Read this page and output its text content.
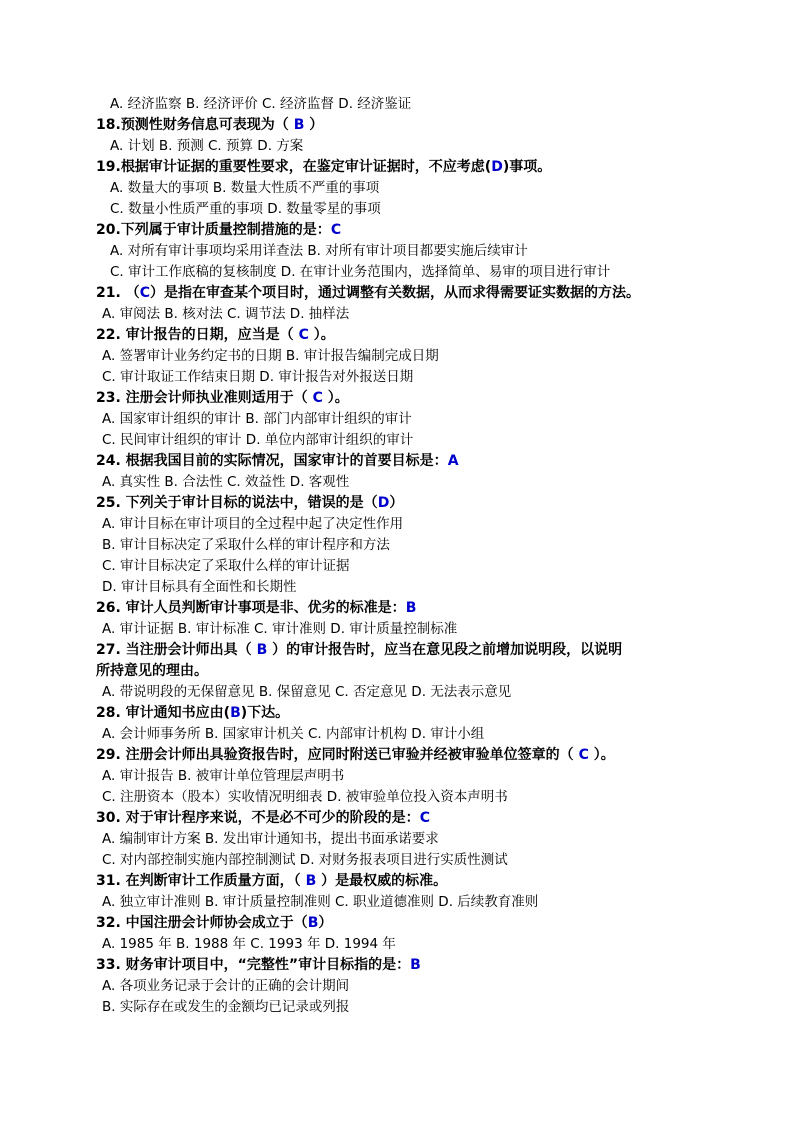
A. 经济监察 B. 经济评价 C. 经济监督 D. 经济鉴证
18.预测性财务信息可表现为（ B ）
A. 计划 B. 预测 C. 预算 D. 方案
19.根据审计证据的重要性要求，在鉴定审计证据时，不应考虑(D)事项。
A. 数量大的事项 B. 数量大性质不严重的事项
C. 数量小性质严重的事项 D. 数量零星的事项
20.下列属于审计质量控制措施的是：C
A. 对所有审计事项均采用详查法 B. 对所有审计项目都要实施后续审计
C. 审计工作底稿的复核制度 D. 在审计业务范围内，选择简单、易审的项目进行审计
21. （C）是指在审查某个项目时，通过调整有关数据，从而求得需要证实数据的方法。
A. 审阅法 B. 核对法 C. 调节法 D. 抽样法
22. 审计报告的日期，应当是（ C ）。
A. 签署审计业务约定书的日期 B. 审计报告编制完成日期
C. 审计取证工作结束日期 D. 审计报告对外报送日期
23. 注册会计师执业准则适用于（ C ）。
A. 国家审计组织的审计 B. 部门内部审计组织的审计
C. 民间审计组织的审计 D. 单位内部审计组织的审计
24. 根据我国目前的实际情况，国家审计的首要目标是：A
A. 真实性 B. 合法性 C. 效益性 D. 客观性
25. 下列关于审计目标的说法中，错误的是（D）
A. 审计目标在审计项目的全过程中起了决定性作用
B. 审计目标决定了采取什么样的审计程序和方法
C. 审计目标决定了采取什么样的审计证据
D. 审计目标具有全面性和长期性
26. 审计人员判断审计事项是非、优劣的标准是：B
A. 审计证据 B. 审计标准 C. 审计准则 D. 审计质量控制标准
27. 当注册会计师出具（ B ）的审计报告时，应当在意见段之前增加说明段，以说明
所持意见的理由。
A. 带说明段的无保留意见 B. 保留意见 C. 否定意见 D. 无法表示意见
28. 审计通知书应由(B)下达。
A. 会计师事务所 B. 国家审计机关 C. 内部审计机构 D. 审计小组
29. 注册会计师出具验资报告时，应同时附送已审验并经被审验单位签章的（ C ）。
A. 审计报告 B. 被审计单位管理层声明书
C. 注册资本（股本）实收情况明细表 D. 被审验单位投入资本声明书
30. 对于审计程序来说，不是必不可少的阶段的是：C
A. 编制审计方案 B. 发出审计通知书，提出书面承诺要求
C. 对内部控制实施内部控制测试 D. 对财务报表项目进行实质性测试
31. 在判断审计工作质量方面，（ B ）是最权威的标准。
A. 独立审计准则 B. 审计质量控制准则 C. 职业道德准则 D. 后续教育准则
32. 中国注册会计师协会成立于（B）
A. 1985 年 B. 1988 年 C. 1993 年 D. 1994 年
33. 财务审计项目中，“完整性”审计目标指的是：B
A. 各项业务记录于会计的正确的会计期间
B. 实际存在或发生的金额均已记录或列报
